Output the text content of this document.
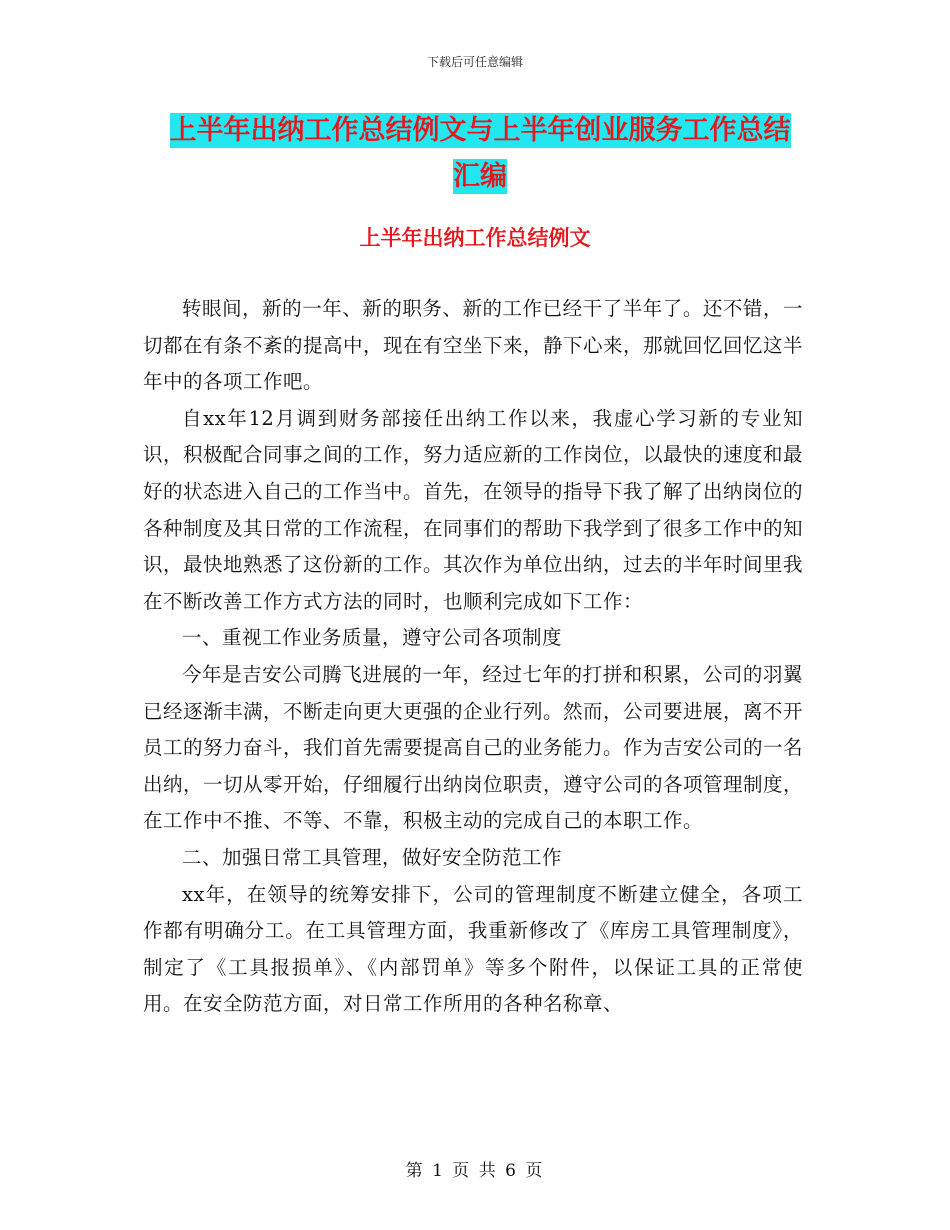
下载后可任意编辑
上半年出纳工作总结例文与上半年创业服务工作总结
汇编
上半年出纳工作总结例文

转眼间，新的一年、新的职务、新的工作已经干了半年了。还不错，一切都在有条不紊的提高中，现在有空坐下来，静下心来，那就回忆回忆这半年中的各项工作吧。

自xx年12月调到财务部接任出纳工作以来，我虚心学习新的专业知识，积极配合同事之间的工作，努力适应新的工作岗位，以最快的速度和最好的状态进入自己的工作当中。首先，在领导的指导下我了解了出纳岗位的各种制度及其日常的工作流程，在同事们的帮助下我学到了很多工作中的知识，最快地熟悉了这份新的工作。其次作为单位出纳，过去的半年时间里我在不断改善工作方式方法的同时，也顺利完成如下工作：

一、重视工作业务质量，遵守公司各项制度

今年是吉安公司腾飞进展的一年，经过七年的打拼和积累，公司的羽翼已经逐渐丰满，不断走向更大更强的企业行列。然而，公司要进展，离不开员工的努力奋斗，我们首先需要提高自己的业务能力。作为吉安公司的一名出纳，一切从零开始，仔细履行出纳岗位职责，遵守公司的各项管理制度，在工作中不推、不等、不靠，积极主动的完成自己的本职工作。

二、加强日常工具管理，做好安全防范工作

xx年，在领导的统筹安排下，公司的管理制度不断建立健全，各项工作都有明确分工。在工具管理方面，我重新修改了《库房工具管理制度》，制定了《工具报损单》、《内部罚单》等多个附件，以保证工具的正常使用。在安全防范方面，对日常工作所用的各种名称章、

第 1 页 共 6 页
